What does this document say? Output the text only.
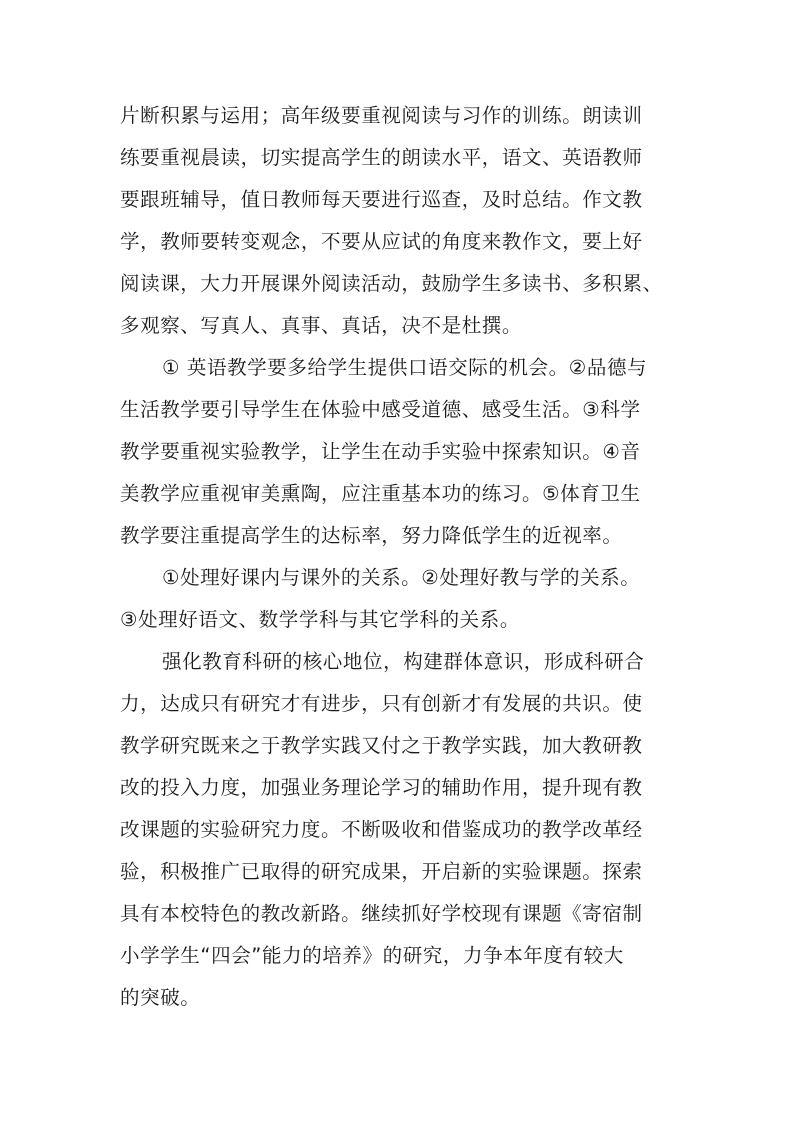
片断积累与运用；高年级要重视阅读与习作的训练。朗读训
练要重视晨读，切实提高学生的朗读水平，语文、英语教师
要跟班辅导，值日教师每天要进行巡查，及时总结。作文教
学，教师要转变观念，不要从应试的角度来教作文，要上好
阅读课，大力开展课外阅读活动，鼓励学生多读书、多积累、
多观察、写真人、真事、真话，决不是杜撰。
① 英语教学要多给学生提供口语交际的机会。②品德与
生活教学要引导学生在体验中感受道德、感受生活。③科学
教学要重视实验教学，让学生在动手实验中探索知识。④音
美教学应重视审美熏陶，应注重基本功的练习。⑤体育卫生
教学要注重提高学生的达标率，努力降低学生的近视率。
①处理好课内与课外的关系。②处理好教与学的关系。
③处理好语文、数学学科与其它学科的关系。
强化教育科研的核心地位，构建群体意识，形成科研合
力，达成只有研究才有进步，只有创新才有发展的共识。使
教学研究既来之于教学实践又付之于教学实践，加大教研教
改的投入力度，加强业务理论学习的辅助作用，提升现有教
改课题的实验研究力度。不断吸收和借鉴成功的教学改革经
验，积极推广已取得的研究成果，开启新的实验课题。探索
具有本校特色的教改新路。继续抓好学校现有课题《寄宿制
小学学生“四会”能力的培养》的研究，力争本年度有较大
的突破。
